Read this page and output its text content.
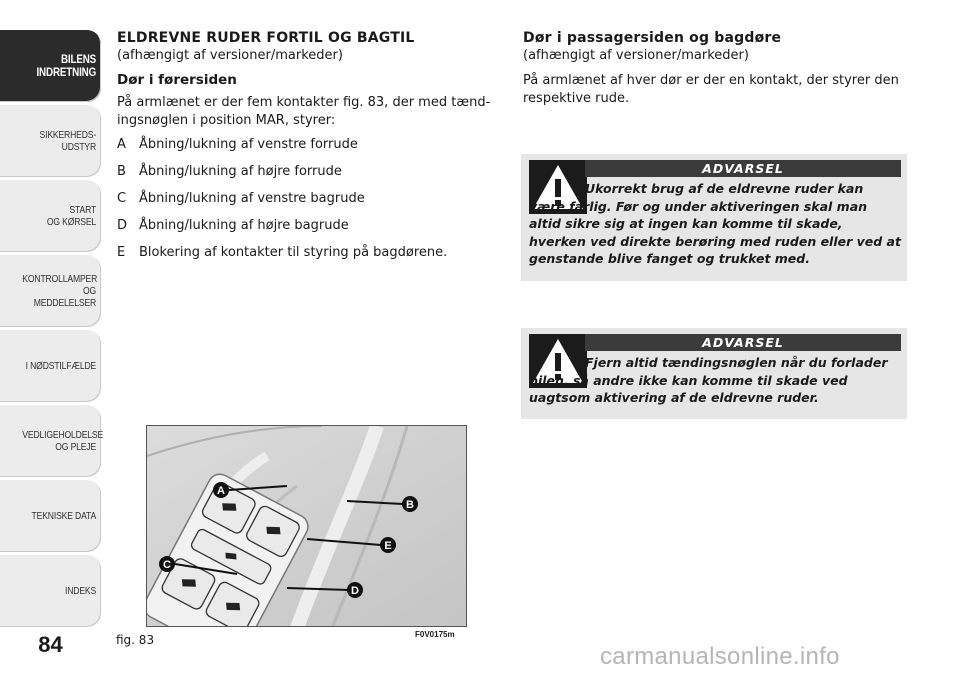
BILENS
INDRETNING
SIKKERHEDS-
UDSTYR
START
OG KØRSEL
KONTROLLAMPER
OG MEDDELELSER
I NØDSTILFÆLDE
VEDLIGEHOLDELSE
OG PLEJE
TEKNISKE DATA
INDEKS
84

ELDREVNE RUDER FORTIL OG BAGTIL

(afhængigt af versioner/markeder)

Dør i førersiden

På armlænet er der fem kontakter fig. 83, der med tænd-ingsnøglen i position MAR, styrer:

A	Åbning/lukning af venstre forrude
B	Åbning/lukning af højre forrude
C Åbning/lukning af venstre bagrude
D Åbning/lukning af højre bagrude
E	Blokering af kontakter til styring på bagdørene.

Dør i passagersiden og bagdøre

(afhængigt af versioner/markeder)

På armlænet af hver dør er der en kontakt, der styrer den respektive rude.

ADVARSEL
Ukorrekt brug af de eldrevne ruder kan være farlig. Før og under aktiveringen skal man altid sikre sig at ingen kan komme til skade, hverken ved direkte berøring med ruden eller ved at genstande blive fanget og trukket med.
ADVARSEL
Fjern altid tændingsnøglen når du forlader bilen, så andre ikke kan komme til skade ved uagtsom aktivering af de eldrevne ruder.
A
B
C
D
E
fig. 83	F0V0175m
carmanualsonline.info
